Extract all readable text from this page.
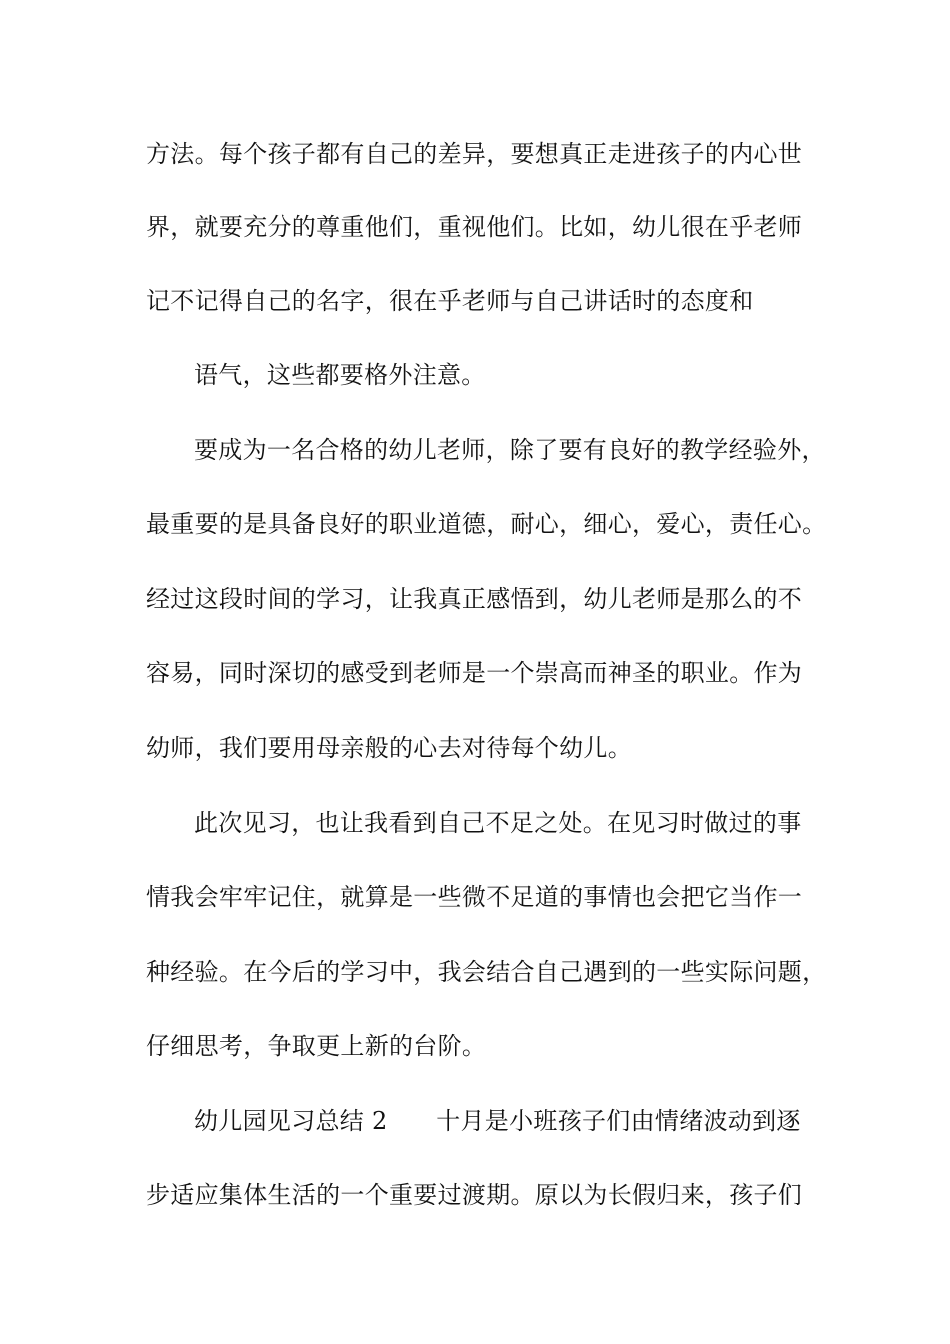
方法。每个孩子都有自己的差异，要想真正走进孩子的内心世
界，就要充分的尊重他们，重视他们。比如，幼儿很在乎老师
记不记得自己的名字，很在乎老师与自己讲话时的态度和
语气，这些都要格外注意。
要成为一名合格的幼儿老师，除了要有良好的教学经验外，
最重要的是具备良好的职业道德，耐心，细心，爱心，责任心。
经过这段时间的学习，让我真正感悟到，幼儿老师是那么的不
容易，同时深切的感受到老师是一个崇高而神圣的职业。作为
幼师，我们要用母亲般的心去对待每个幼儿。
此次见习，也让我看到自己不足之处。在见习时做过的事
情我会牢牢记住，就算是一些微不足道的事情也会把它当作一
种经验。在今后的学习中，我会结合自己遇到的一些实际问题，
仔细思考，争取更上新的台阶。
幼儿园见习总结 2　　十月是小班孩子们由情绪波动到逐
步适应集体生活的一个重要过渡期。原以为长假归来，孩子们
